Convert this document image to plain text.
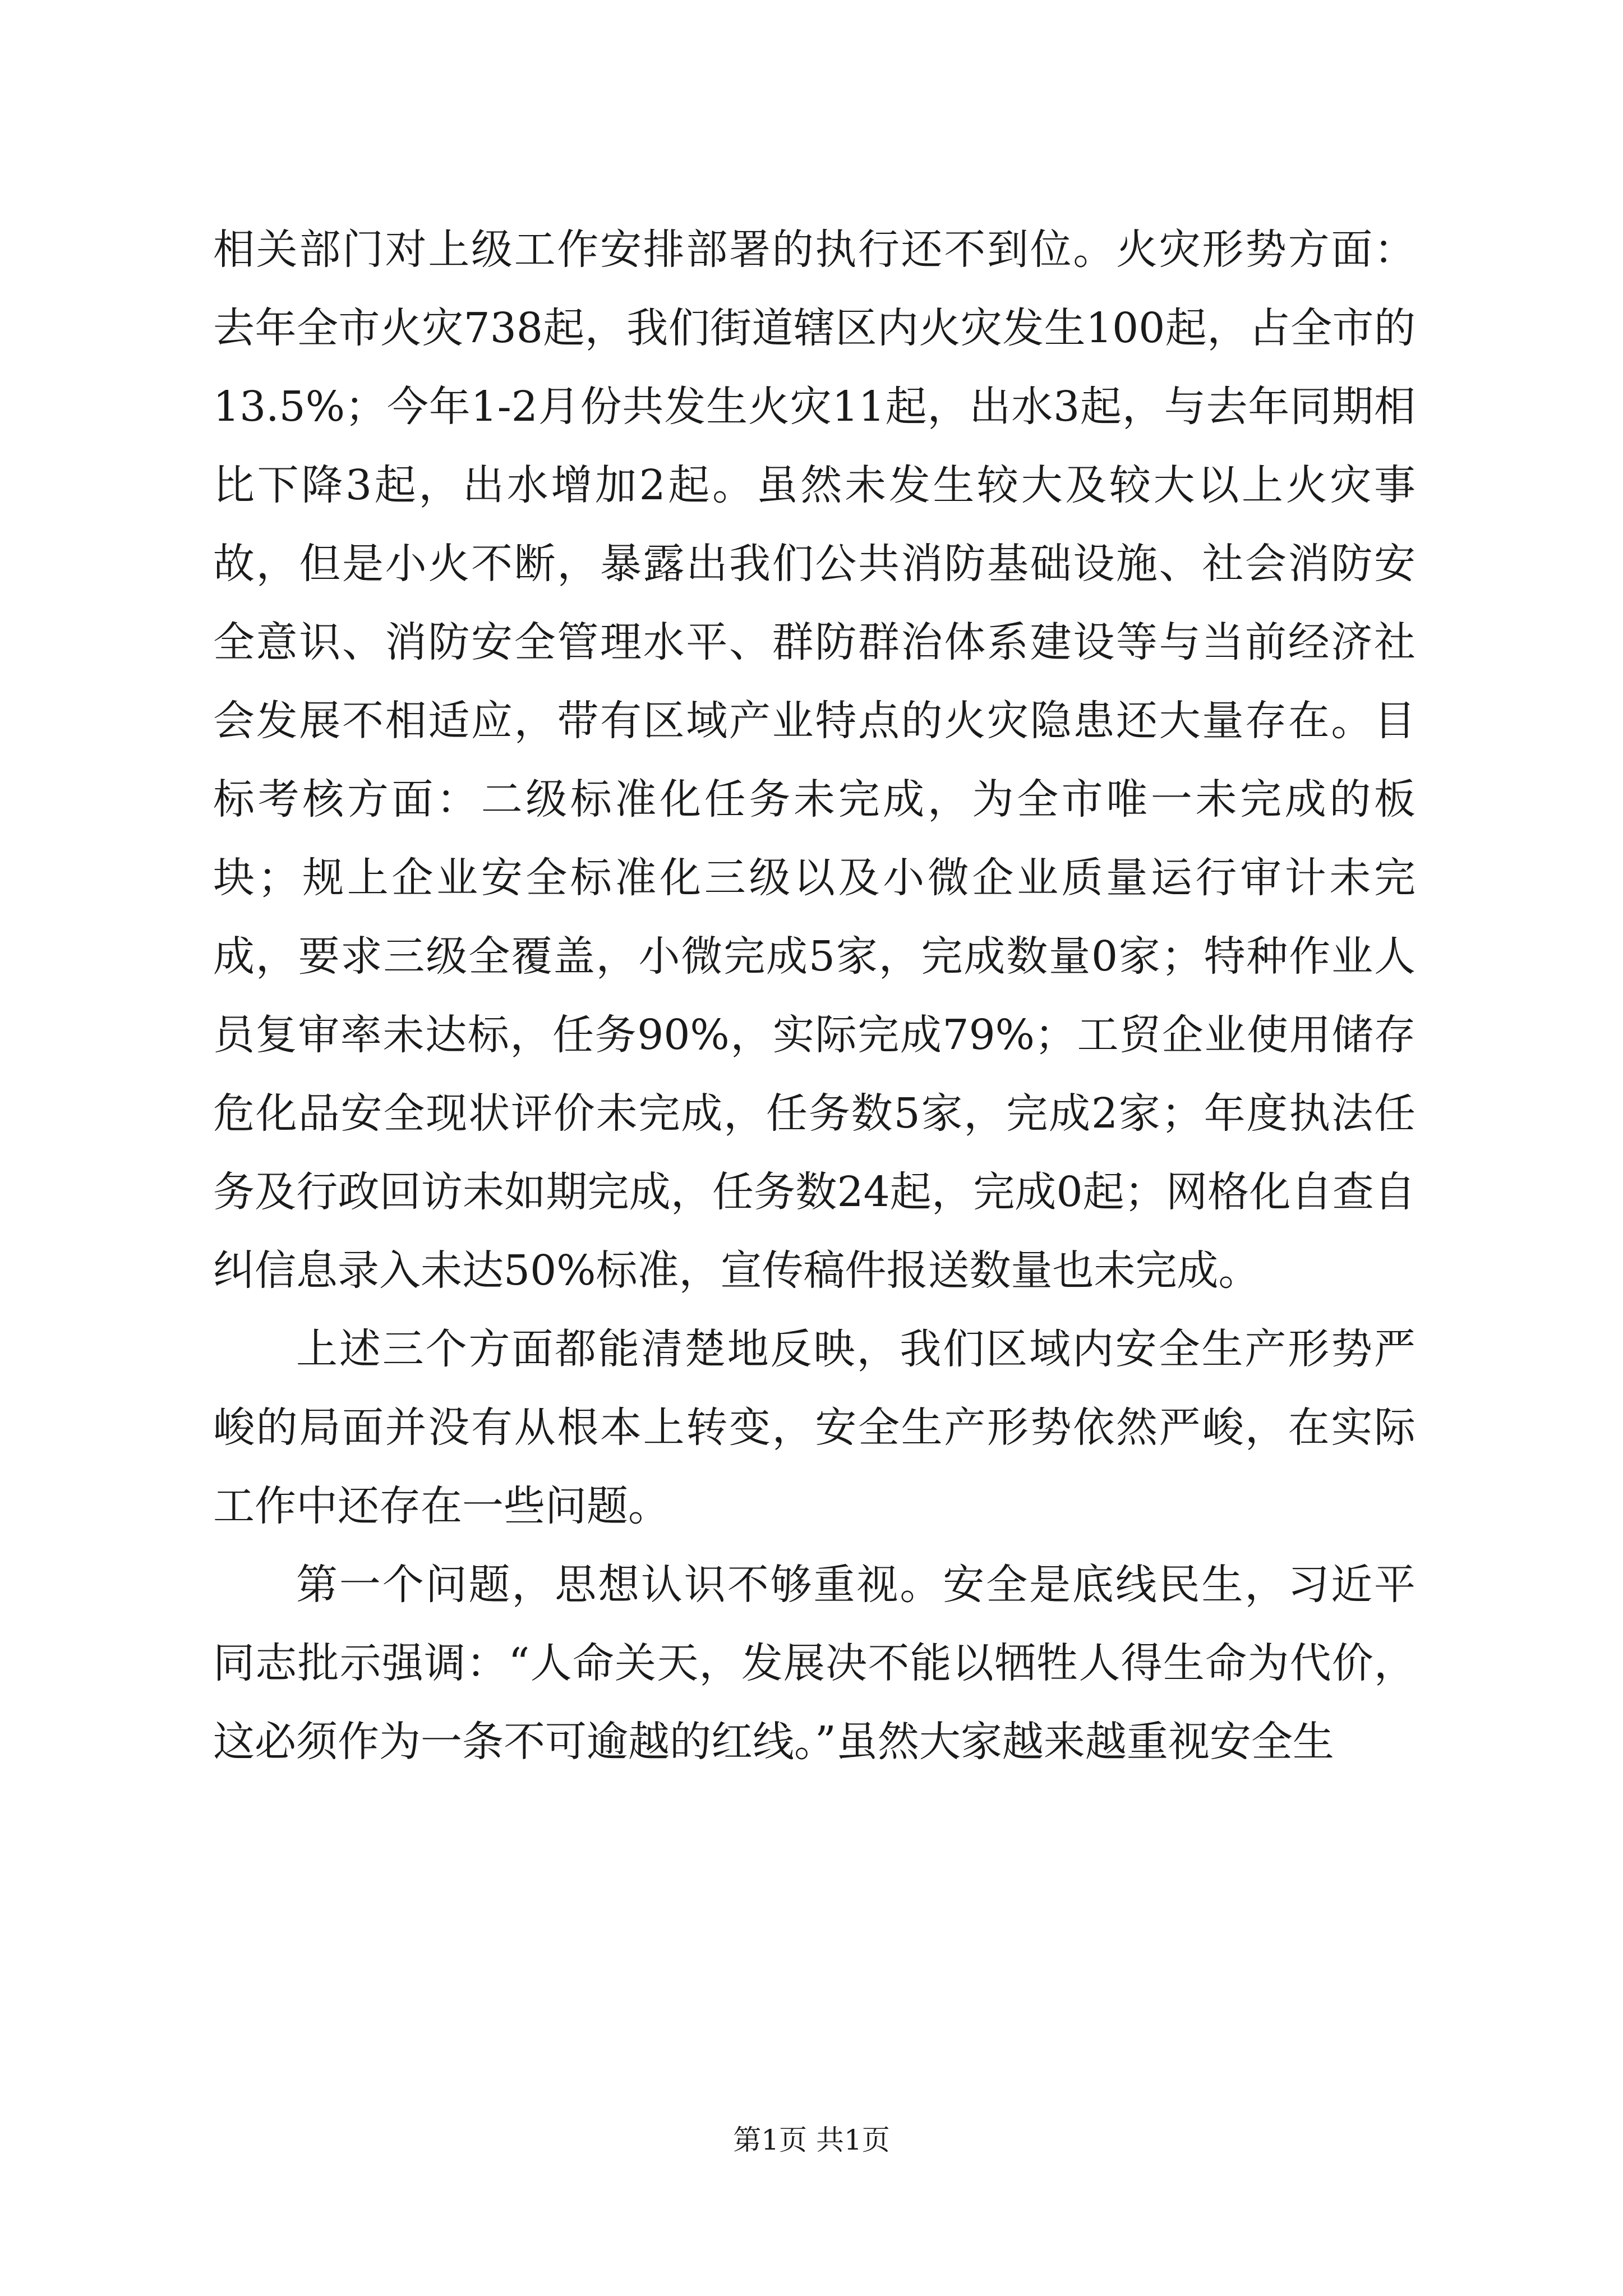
相关部门对上级工作安排部署的执行还不到位。火灾形势方面：去年全市火灾738起，我们街道辖区内火灾发生100起，占全市的13.5%；今年1-2月份共发生火灾11起，出水3起，与去年同期相比下降3起，出水增加2起。虽然未发生较大及较大以上火灾事故，但是小火不断，暴露出我们公共消防基础设施、社会消防安全意识、消防安全管理水平、群防群治体系建设等与当前经济社会发展不相适应，带有区域产业特点的火灾隐患还大量存在。目标考核方面：二级标准化任务未完成，为全市唯一未完成的板块；规上企业安全标准化三级以及小微企业质量运行审计未完成，要求三级全覆盖，小微完成5家，完成数量0家；特种作业人员复审率未达标，任务90%，实际完成79%；工贸企业使用储存危化品安全现状评价未完成，任务数5家，完成2家；年度执法任务及行政回访未如期完成，任务数24起，完成0起；网格化自查自纠信息录入未达50%标准，宣传稿件报送数量也未完成。

上述三个方面都能清楚地反映，我们区域内安全生产形势严峻的局面并没有从根本上转变，安全生产形势依然严峻，在实际工作中还存在一些问题。

第一个问题，思想认识不够重视。安全是底线民生，习近平同志批示强调：“人命关天，发展决不能以牺牲人得生命为代价，这必须作为一条不可逾越的红线。”虽然大家越来越重视安全生

第1页 共1页
